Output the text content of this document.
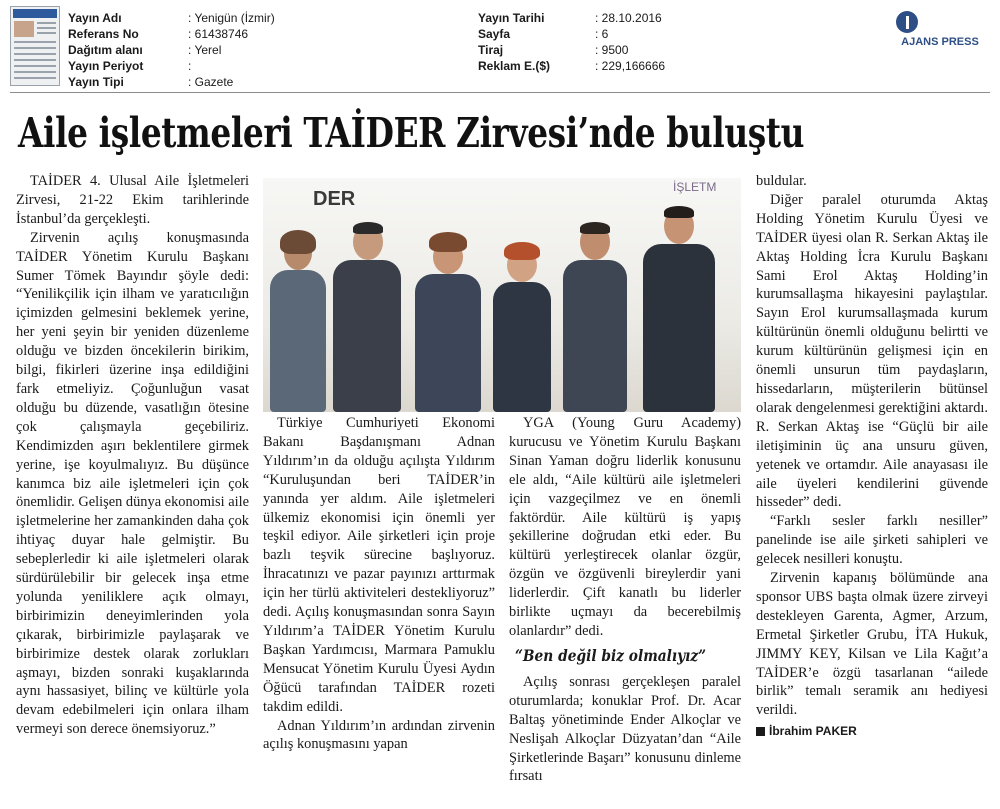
Yayın Adı	: Yenigün (İzmir)
Referans No	: 61438746
Dağıtım alanı	: Yerel
Yayın Periyot	:
Yayın Tipi	: Gazete
Yayın Tarihi	: 28.10.2016
Sayfa	: 6
Tiraj	: 9500
Reklam E.($)	: 229,166666
AJANS PRESS
Aile işletmeleri TAİDER Zirvesi’nde buluştu

TAİDER 4. Ulusal Aile İşletmeleri Zirvesi, 21-22 Ekim tarihlerinde İstanbul’da gerçekleşti.

Zirvenin açılış konuşmasında TAİDER Yönetim Kurulu Başkanı Sumer Tömek Bayındır şöyle dedi: “Yenilikçilik için ilham ve yaratıcılığın içimizden gelmesini beklemek yerine, her yeni şeyin bir yeniden düzenleme olduğu ve bizden öncekilerin birikim, bilgi, fikirleri üzerine inşa edildiğini fark etmeliyiz. Çoğunluğun vasat olduğu bu düzende, vasatlığın ötesine çok çalışmayla geçebiliriz. Kendimizden aşırı beklentilere girmek yerine, işe koyulmalıyız. Bu düşünce kanımca biz aile işletmeleri için çok önemlidir. Gelişen dünya ekonomisi aile işletmelerine her zamankinden daha çok ihtiyaç duyar hale gelmiştir. Bu sebeplerledir ki aile işletmeleri olarak sürdürülebilir bir gelecek inşa etme yolunda yeniliklere açık olmayı, birbirimizin deneyimlerinden yola çıkarak, birbirimizle paylaşarak ve birbirimize destek olarak zorlukları aşmayı, bizden sonraki kuşaklarında aynı hassasiyet, bilinç ve kültürle yola devam edebilmeleri için onlara ilham vermeyi son derece önemsiyoruz.”

DER
İŞLETM

Türkiye Cumhuriyeti Ekonomi Bakanı Başdanışmanı Adnan Yıldırım’ın da olduğu açılışta Yıldırım “Kuruluşundan beri TAİDER’in yanında yer aldım. Aile işletmeleri ülkemiz ekonomisi için önemli yer teşkil ediyor. Aile şirketleri için proje bazlı teşvik sürecine başlıyoruz. İhracatınızı ve pazar payınızı arttırmak için her türlü aktiviteleri destekliyoruz” dedi. Açılış konuşmasından sonra Sayın Yıldırım’a TAİDER Yönetim Kurulu Başkan Yardımcısı, Marmara Pamuklu Mensucat Yönetim Kurulu Üyesi Aydın Öğücü tarafından TAİDER rozeti takdim edildi.

Adnan Yıldırım’ın ardından zirvenin açılış konuşmasını yapan

YGA (Young Guru Academy) kurucusu ve Yönetim Kurulu Başkanı Sinan Yaman doğru liderlik konusunu ele aldı, “Aile kültürü aile işletmeleri için vazgeçilmez ve en önemli faktördür. Aile kültürü iş yapış şekillerine doğrudan etki eder. Bu kültürü yerleştirecek olanlar özgür, özgün ve özgüvenli bireylerdir yani liderlerdir. Çift kanatlı bu liderler birlikte uçmayı da becerebilmiş olanlardır” dedi.

“Ben değil biz olmalıyız”

Açılış sonrası gerçekleşen paralel oturumlarda; konuklar Prof. Dr. Acar Baltaş yönetiminde Ender Alkoçlar ve Neslişah Alkoçlar Düzyatan’dan “Aile Şirketlerinde Başarı” konusunu dinleme fırsatı

buldular.

Diğer paralel oturumda Aktaş Holding Yönetim Kurulu Üyesi ve TAİDER üyesi olan R. Serkan Aktaş ile Aktaş Holding İcra Kurulu Başkanı Sami Erol Aktaş Holding’in kurumsallaşma hikayesini paylaştılar. Sayın Erol kurumsallaşmada kurum kültürünün önemli olduğunu belirtti ve kurum kültürünün gelişmesi için en önemli unsurun tüm paydaşların, hissedarların, müşterilerin bütünsel olarak dengelenmesi gerektiğini aktardı. R. Serkan Aktaş ise “Güçlü bir aile iletişiminin üç ana unsuru güven, yetenek ve ortamdır. Aile anayasası ile aile üyeleri kendilerini güvende hisseder” dedi.

“Farklı sesler farklı nesiller” panelinde ise aile şirketi sahipleri ve gelecek nesilleri konuştu.

Zirvenin kapanış bölümünde ana sponsor UBS başta olmak üzere zirveyi destekleyen Garenta, Agmer, Arzum, Ermetal Şirketler Grubu, İTA Hukuk, JIMMY KEY, Kilsan ve Lila Kağıt’a TAİDER’e özgü tasarlanan “ailede birlik” temalı seramik anı hediyesi verildi.

İbrahim PAKER
